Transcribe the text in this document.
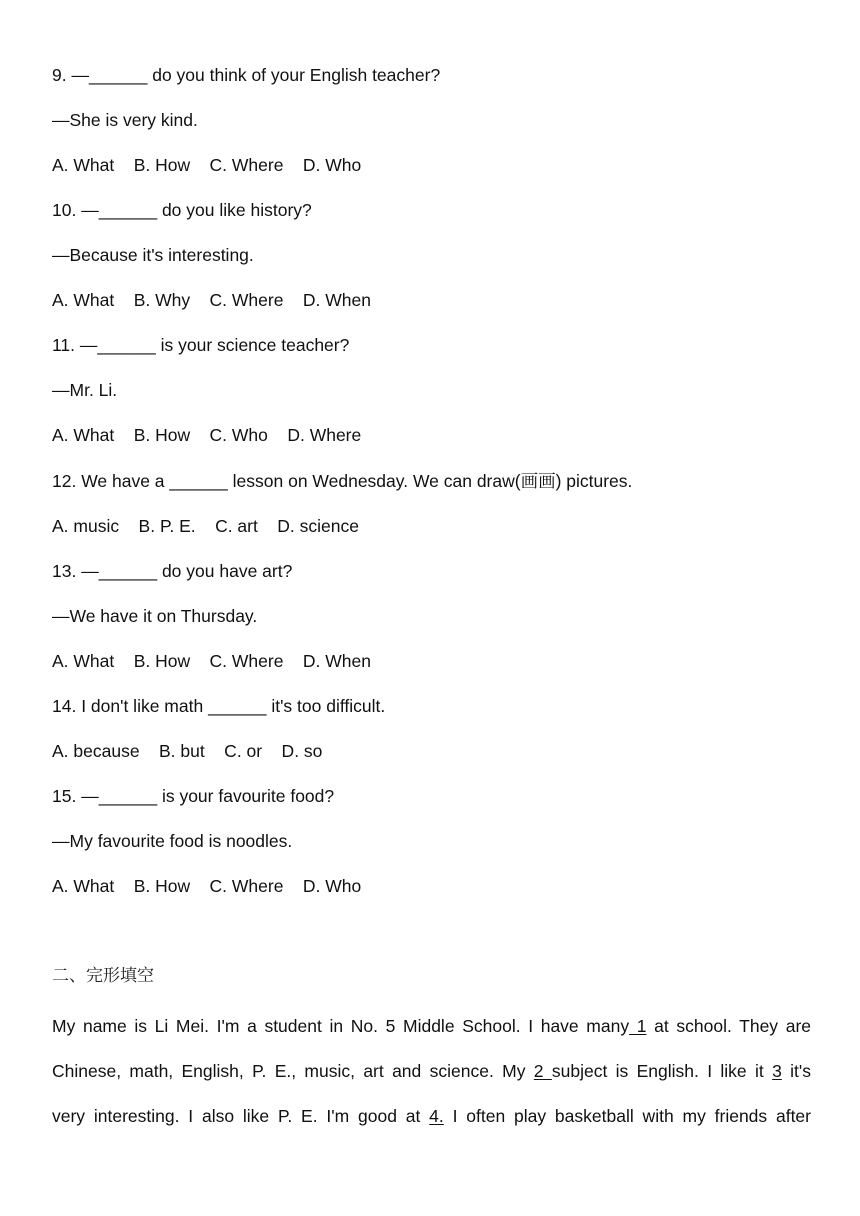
9. —______ do you think of your English teacher?
—She is very kind.
A. What    B. How    C. Where    D. Who
10. —______ do you like history?
—Because it's interesting.
A. What    B. Why    C. Where    D. When
11. —______ is your science teacher?
—Mr. Li.
A. What    B. How    C. Who    D. Where
12. We have a ______ lesson on Wednesday. We can draw(画画) pictures.
A. music    B. P. E.    C. art    D. science
13. —______ do you have art?
—We have it on Thursday.
A. What    B. How    C. Where    D. When
14. I don't like math ______ it's too difficult.
A. because    B. but    C. or    D. so
15. —______ is your favourite food?
—My favourite food is noodles.
A. What    B. How    C. Where    D. Who
二、完形填空

My name is Li Mei. I'm a student in No. 5 Middle School. I have many 1 at school. They are

Chinese, math, English, P. E., music, art and science. My 2 subject is English. I like it 3 it's

very interesting. I also like P. E. I'm good at 4. I often play basketball with my friends after
